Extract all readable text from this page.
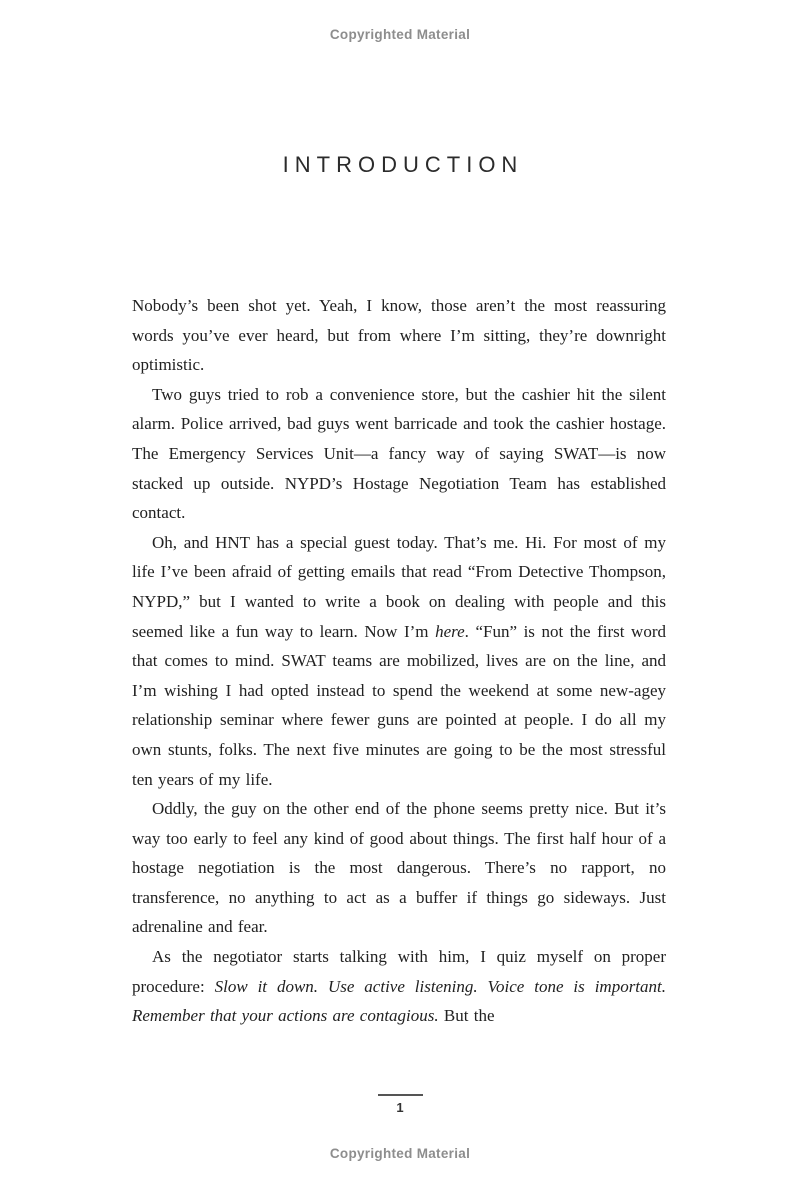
Copyrighted Material
INTRODUCTION

Nobody’s been shot yet. Yeah, I know, those aren’t the most reassuring words you’ve ever heard, but from where I’m sitting, they’re downright optimistic.

Two guys tried to rob a convenience store, but the cashier hit the silent alarm. Police arrived, bad guys went barricade and took the cashier hostage. The Emergency Services Unit—a fancy way of saying SWAT—is now stacked up outside. NYPD’s Hostage Negotiation Team has established contact.

Oh, and HNT has a special guest today. That’s me. Hi. For most of my life I’ve been afraid of getting emails that read “From Detective Thompson, NYPD,” but I wanted to write a book on dealing with people and this seemed like a fun way to learn. Now I’m here. “Fun” is not the first word that comes to mind. SWAT teams are mobilized, lives are on the line, and I’m wishing I had opted instead to spend the weekend at some new-agey relationship seminar where fewer guns are pointed at people. I do all my own stunts, folks. The next five minutes are going to be the most stressful ten years of my life.

Oddly, the guy on the other end of the phone seems pretty nice. But it’s way too early to feel any kind of good about things. The first half hour of a hostage negotiation is the most dangerous. There’s no rapport, no transference, no anything to act as a buffer if things go sideways. Just adrenaline and fear.

As the negotiator starts talking with him, I quiz myself on proper procedure: Slow it down. Use active listening. Voice tone is important. Remember that your actions are contagious. But the

1
Copyrighted Material
